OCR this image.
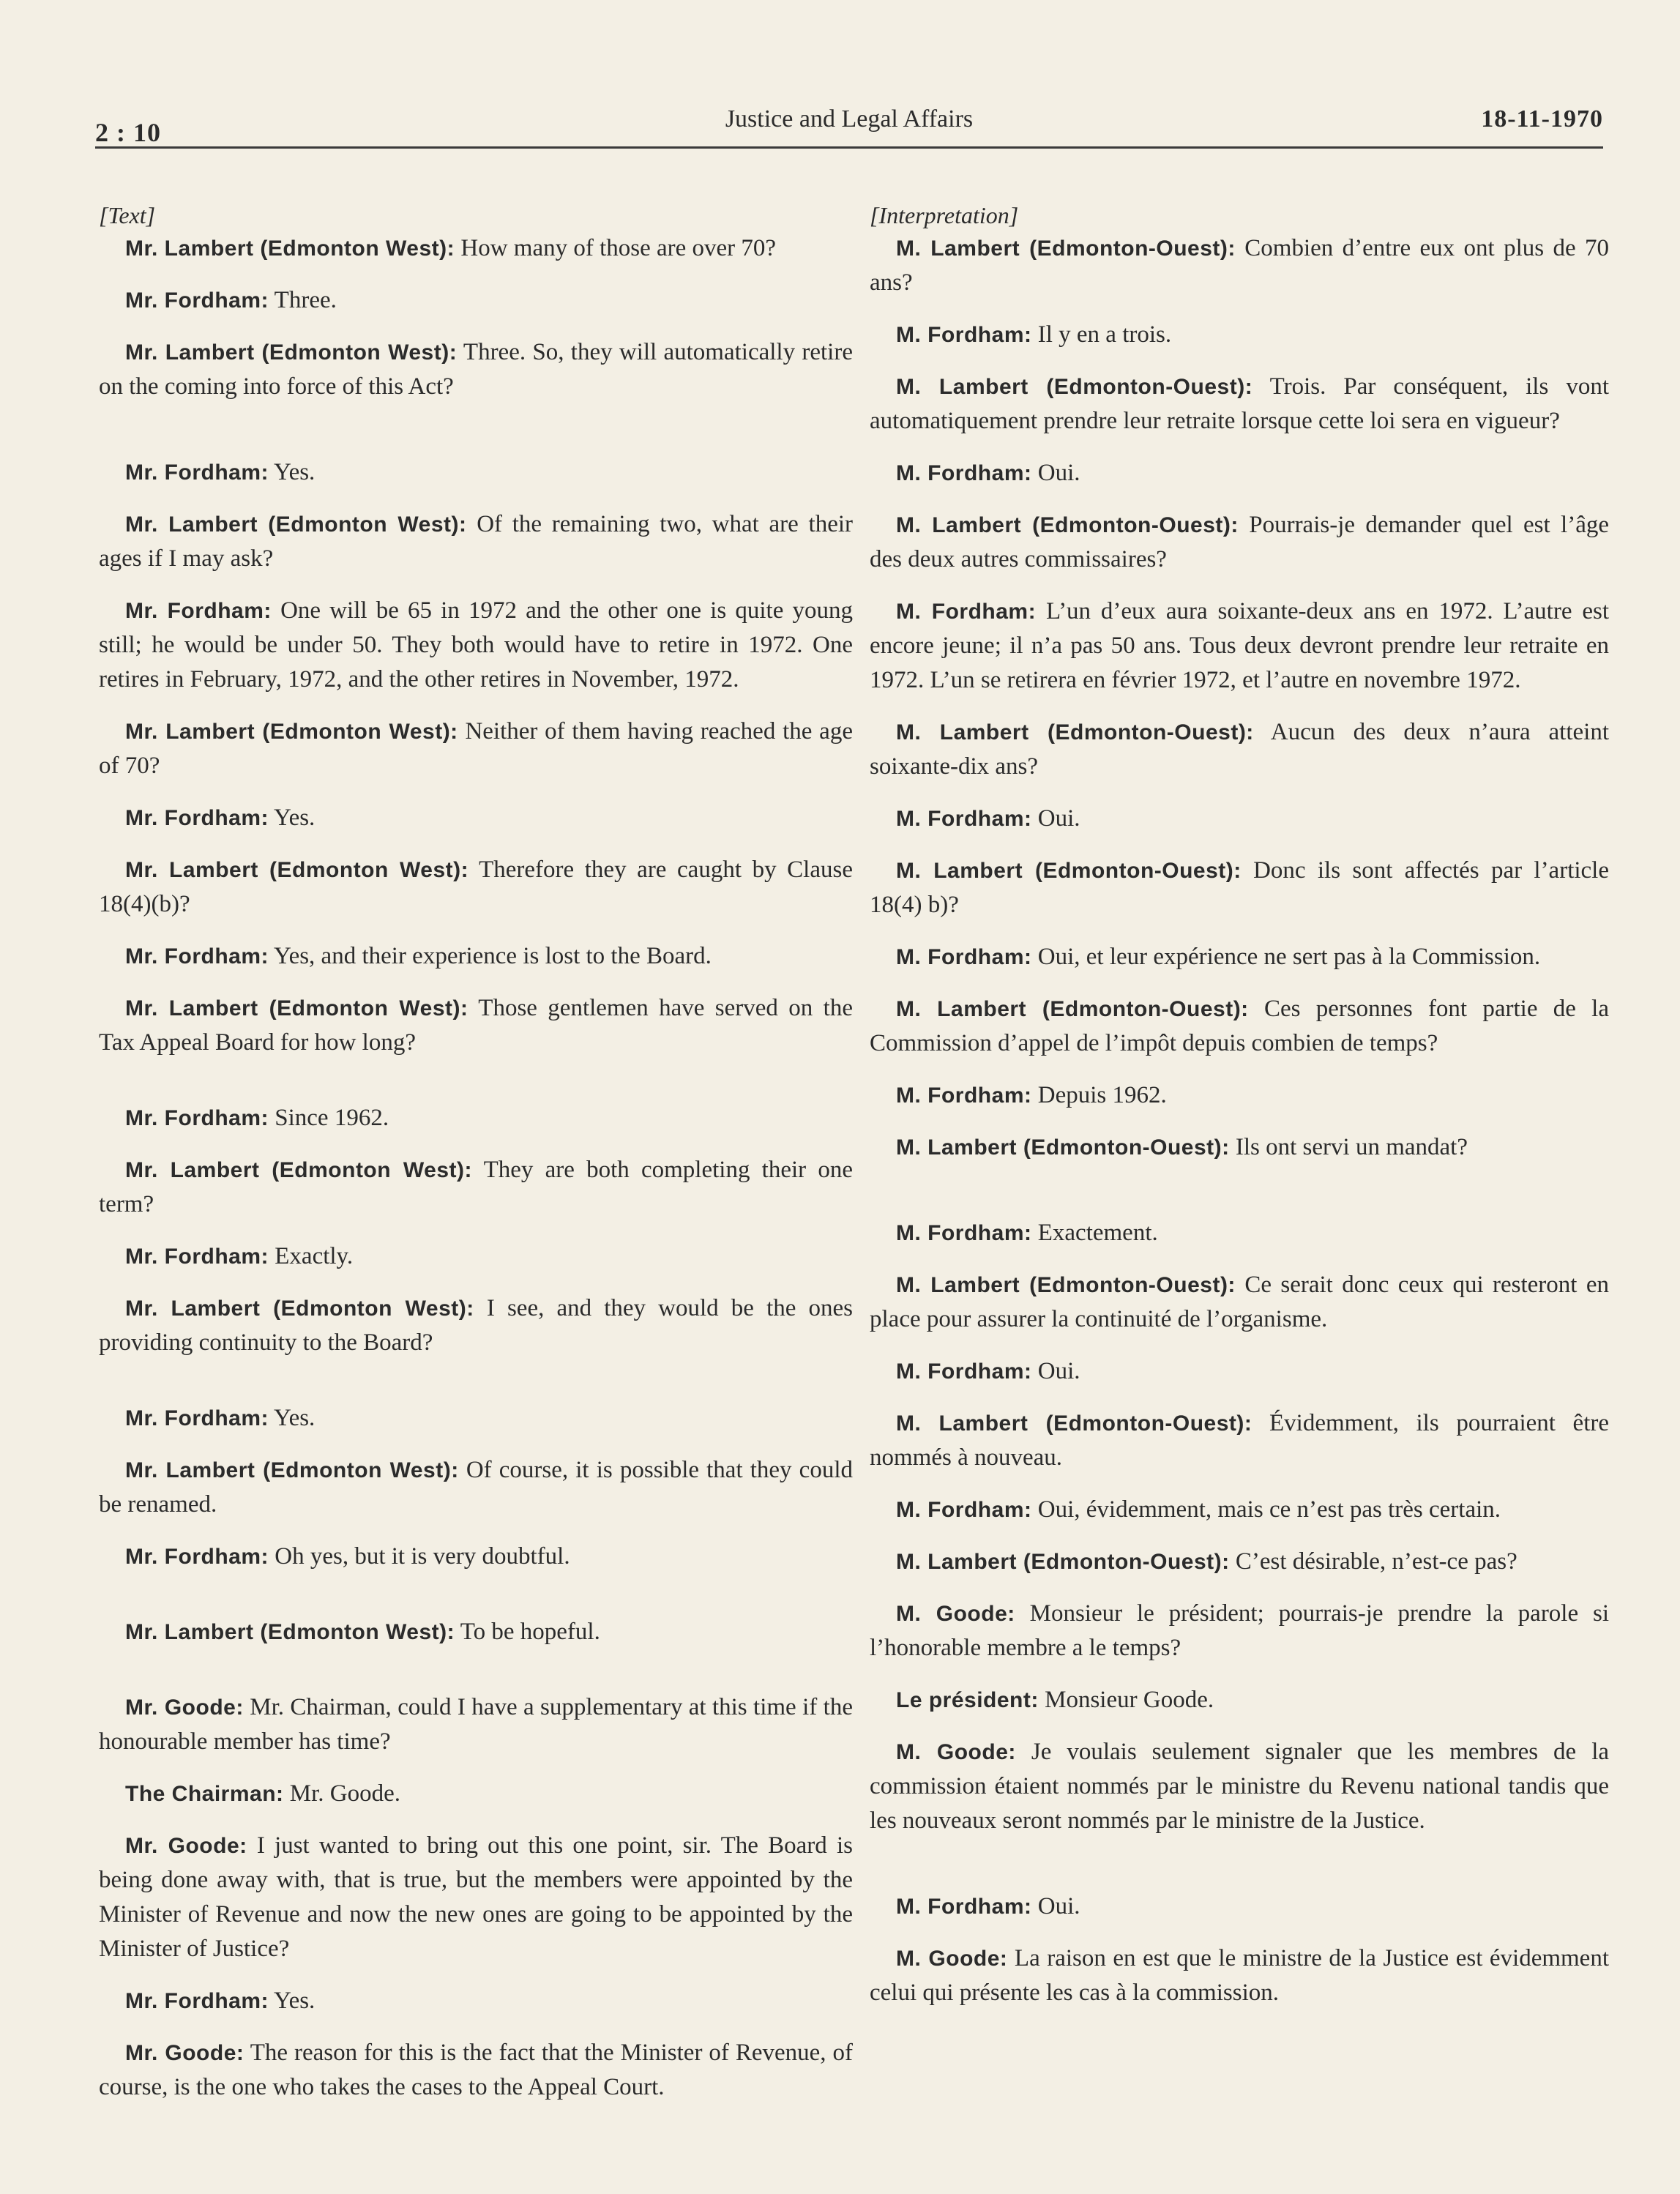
2 : 10	Justice and Legal Affairs	18-11-1970

[Text]

Mr. Lambert (Edmonton West): How many of those are over 70?

Mr. Fordham: Three.

Mr. Lambert (Edmonton West): Three. So, they will automatically retire on the coming into force of this Act?

Mr. Fordham: Yes.

Mr. Lambert (Edmonton West): Of the remaining two, what are their ages if I may ask?

Mr. Fordham: One will be 65 in 1972 and the other one is quite young still; he would be under 50. They both would have to retire in 1972. One retires in February, 1972, and the other retires in November, 1972.

Mr. Lambert (Edmonton West): Neither of them having reached the age of 70?

Mr. Fordham: Yes.

Mr. Lambert (Edmonton West): Therefore they are caught by Clause 18(4)(b)?

Mr. Fordham: Yes, and their experience is lost to the Board.

Mr. Lambert (Edmonton West): Those gentlemen have served on the Tax Appeal Board for how long?

Mr. Fordham: Since 1962.

Mr. Lambert (Edmonton West): They are both completing their one term?

Mr. Fordham: Exactly.

Mr. Lambert (Edmonton West): I see, and they would be the ones providing continuity to the Board?

Mr. Fordham: Yes.

Mr. Lambert (Edmonton West): Of course, it is possible that they could be renamed.

Mr. Fordham: Oh yes, but it is very doubtful.

Mr. Lambert (Edmonton West): To be hopeful.

Mr. Goode: Mr. Chairman, could I have a supplementary at this time if the honourable member has time?

The Chairman: Mr. Goode.

Mr. Goode: I just wanted to bring out this one point, sir. The Board is being done away with, that is true, but the members were appointed by the Minister of Revenue and now the new ones are going to be appointed by the Minister of Justice?

Mr. Fordham: Yes.

Mr. Goode: The reason for this is the fact that the Minister of Revenue, of course, is the one who takes the cases to the Appeal Court.

[Interpretation]

M. Lambert (Edmonton-Ouest): Combien d’entre eux ont plus de 70 ans?

M. Fordham: Il y en a trois.

M. Lambert (Edmonton-Ouest): Trois. Par conséquent, ils vont automatiquement prendre leur retraite lorsque cette loi sera en vigueur?

M. Fordham: Oui.

M. Lambert (Edmonton-Ouest): Pourrais-je demander quel est l’âge des deux autres commissaires?

M. Fordham: L’un d’eux aura soixante-deux ans en 1972. L’autre est encore jeune; il n’a pas 50 ans. Tous deux devront prendre leur retraite en 1972. L’un se retirera en février 1972, et l’autre en novembre 1972.

M. Lambert (Edmonton-Ouest): Aucun des deux n’aura atteint soixante-dix ans?

M. Fordham: Oui.

M. Lambert (Edmonton-Ouest): Donc ils sont affectés par l’article 18(4) b)?

M. Fordham: Oui, et leur expérience ne sert pas à la Commission.

M. Lambert (Edmonton-Ouest): Ces personnes font partie de la Commission d’appel de l’impôt depuis combien de temps?

M. Fordham: Depuis 1962.

M. Lambert (Edmonton-Ouest): Ils ont servi un mandat?

M. Fordham: Exactement.

M. Lambert (Edmonton-Ouest): Ce serait donc ceux qui resteront en place pour assurer la continuité de l’organisme.

M. Fordham: Oui.

M. Lambert (Edmonton-Ouest): Évidemment, ils pourraient être nommés à nouveau.

M. Fordham: Oui, évidemment, mais ce n’est pas très certain.

M. Lambert (Edmonton-Ouest): C’est désirable, n’est-ce pas?

M. Goode: Monsieur le président; pourrais-je prendre la parole si l’honorable membre a le temps?

Le président: Monsieur Goode.

M. Goode: Je voulais seulement signaler que les membres de la commission étaient nommés par le ministre du Revenu national tandis que les nouveaux seront nommés par le ministre de la Justice.

M. Fordham: Oui.

M. Goode: La raison en est que le ministre de la Justice est évidemment celui qui présente les cas à la commission.
